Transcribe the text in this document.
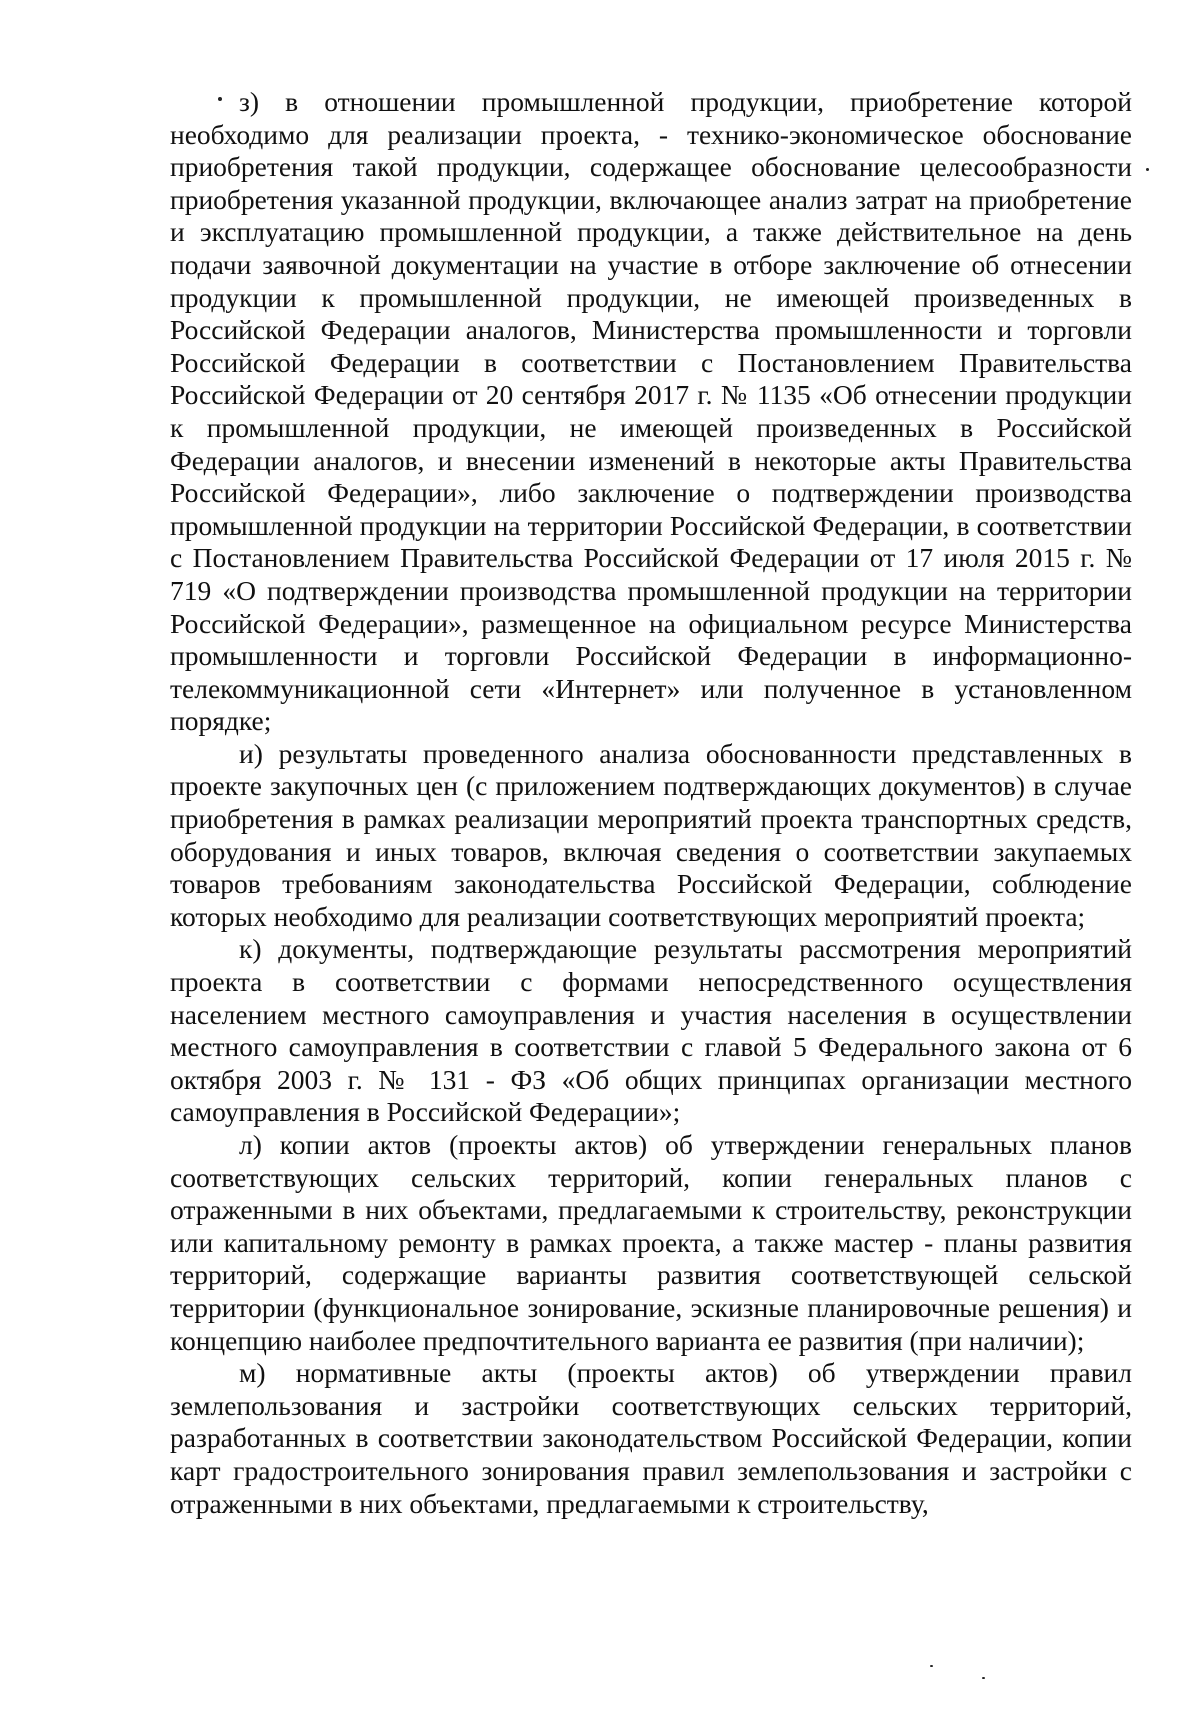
з) в отношении промышленной продукции, приобретение которой необходимо для реализации проекта, - технико-экономическое обоснование приобретения такой продукции, содержащее обоснование целесообразности приобретения указанной продукции, включающее анализ затрат на приобретение и эксплуатацию промышленной продукции, а также действительное на день подачи заявочной документации на участие в отборе заключение об отнесении продукции к промышленной продукции, не имеющей произведенных в Российской Федерации аналогов, Министерства промышленности и торговли Российской Федерации в соответствии с Постановлением Правительства Российской Федерации от 20 сентября 2017 г. № 1135 «Об отнесении продукции к промышленной продукции, не имеющей произведенных в Российской Федерации аналогов, и внесении изменений в некоторые акты Правительства Российской Федерации», либо заключение о подтверждении производства промышленной продукции на территории Российской Федерации, в соответствии с Постановлением Правительства Российской Федерации от 17 июля 2015 г. № 719 «О подтверждении производства промышленной продукции на территории Российской Федерации», размещенное на официальном ресурсе Министерства промышленности и торговли Российской Федерации в информационно-телекоммуникационной сети «Интернет» или полученное в установленном порядке;

и) результаты проведенного анализа обоснованности представленных в проекте закупочных цен (с приложением подтверждающих документов) в случае приобретения в рамках реализации мероприятий проекта транспортных средств, оборудования и иных товаров, включая сведения о соответствии закупаемых товаров требованиям законодательства Российской Федерации, соблюдение которых необходимо для реализации соответствующих мероприятий проекта;

к) документы, подтверждающие результаты рассмотрения мероприятий проекта в соответствии с формами непосредственного осуществления населением местного самоуправления и участия населения в осуществлении местного самоуправления в соответствии с главой 5 Федерального закона от 6 октября 2003 г. № 131 - ФЗ «Об общих принципах организации местного самоуправления в Российской Федерации»;

л) копии актов (проекты актов) об утверждении генеральных планов соответствующих сельских территорий, копии генеральных планов с отраженными в них объектами, предлагаемыми к строительству, реконструкции или капитальному ремонту в рамках проекта, а также мастер - планы развития территорий, содержащие варианты развития соответствующей сельской территории (функциональное зонирование, эскизные планировочные решения) и концепцию наиболее предпочтительного варианта ее развития (при наличии);

м) нормативные акты (проекты актов) об утверждении правил землепользования и застройки соответствующих сельских территорий, разработанных в соответствии законодательством Российской Федерации, копии карт градостроительного зонирования правил землепользования и застройки с отраженными в них объектами, предлагаемыми к строительству,
